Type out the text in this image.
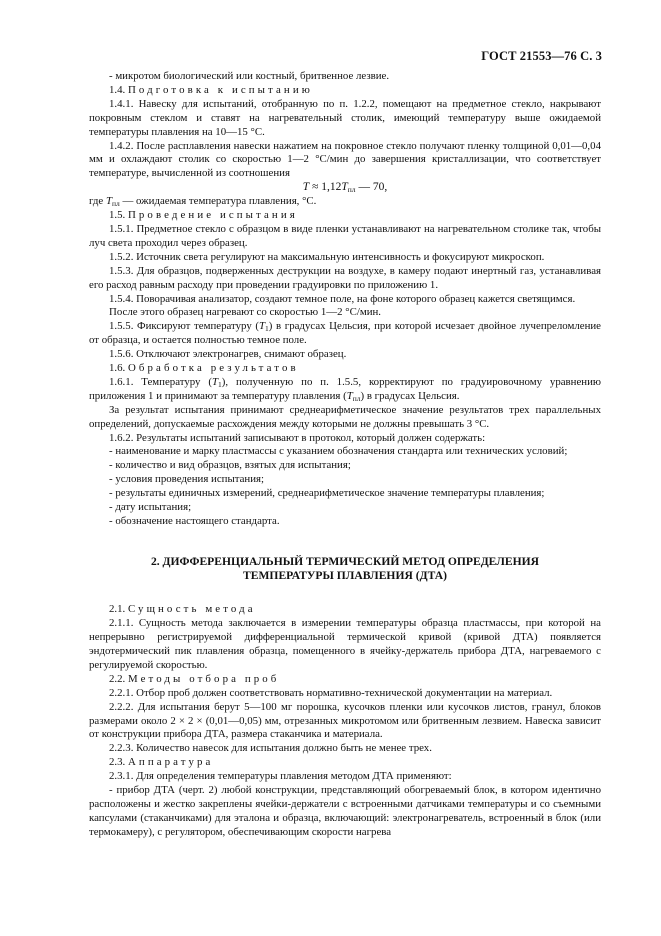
ГОСТ 21553—76 С. 3

- микротом биологический или костный, бритвенное лезвие.

1.4. Подготовка к испытанию

1.4.1. Навеску для испытаний, отобранную по п. 1.2.2, помещают на предметное стекло, накрывают покровным стеклом и ставят на нагревательный столик, имеющий температуру выше ожидаемой температуры плавления на 10—15 °С.

1.4.2. После расплавления навески нажатием на покровное стекло получают пленку толщиной 0,01—0,04 мм и охлаждают столик со скоростью 1—2 °С/мин до завершения кристаллизации, что соответствует температуре, вычисленной из соотношения

$T \approx 1,12T_{пл}$ — 70,

где $T_{пл}$ — ожидаемая температура плавления, °С.

1.5. Проведение испытания

1.5.1. Предметное стекло с образцом в виде пленки устанавливают на нагревательном столике так, чтобы луч света проходил через образец.

1.5.2. Источник света регулируют на максимальную интенсивность и фокусируют микроскоп.

1.5.3. Для образцов, подверженных деструкции на воздухе, в камеру подают инертный газ, устанавливая его расход равным расходу при проведении градуировки по приложению 1.

1.5.4. Поворачивая анализатор, создают темное поле, на фоне которого образец кажется светящимся.

После этого образец нагревают со скоростью 1—2 °С/мин.

1.5.5. Фиксируют температуру $(T_1)$ в градусах Цельсия, при которой исчезает двойное лучепреломление от образца, и остается полностью темное поле.

1.5.6. Отключают электронагрев, снимают образец.

1.6. Обработка результатов

1.6.1. Температуру $(T_1)$, полученную по п. 1.5.5, корректируют по градуировочному уравнению приложения 1 и принимают за температуру плавления $(T_{пл})$ в градусах Цельсия.

За результат испытания принимают среднеарифметическое значение результатов трех параллельных определений, допускаемые расхождения между которыми не должны превышать 3 °С.

1.6.2. Результаты испытаний записывают в протокол, который должен содержать:

- наименование и марку пластмассы с указанием обозначения стандарта или технических условий;

- количество и вид образцов, взятых для испытания;

- условия проведения испытания;

- результаты единичных измерений, среднеарифметическое значение температуры плавления;

- дату испытания;

- обозначение настоящего стандарта.

2. ДИФФЕРЕНЦИАЛЬНЫЙ ТЕРМИЧЕСКИЙ МЕТОД ОПРЕДЕЛЕНИЯ

ТЕМПЕРАТУРЫ ПЛАВЛЕНИЯ (ДТА)

2.1. Сущность метода

2.1.1. Сущность метода заключается в измерении температуры образца пластмассы, при которой на непрерывно регистрируемой дифференциальной термической кривой (кривой ДТА) появляется эндотермический пик плавления образца, помещенного в ячейку-держатель прибора ДТА, нагреваемого с регулируемой скоростью.

2.2. Методы отбора проб

2.2.1. Отбор проб должен соответствовать нормативно-технической документации на материал.

2.2.2. Для испытания берут 5—100 мг порошка, кусочков пленки или кусочков листов, гранул, блоков размерами около 2 × 2 × (0,01—0,05) мм, отрезанных микротомом или бритвенным лезвием. Навеска зависит от конструкции прибора ДТА, размера стаканчика и материала.

2.2.3. Количество навесок для испытания должно быть не менее трех.

2.3. Аппаратура

2.3.1. Для определения температуры плавления методом ДТА применяют:

- прибор ДТА (черт. 2) любой конструкции, представляющий обогреваемый блок, в котором идентично расположены и жестко закреплены ячейки-держатели с встроенными датчиками температуры и со съемными капсулами (стаканчиками) для эталона и образца, включающий: электронагреватель, встроенный в блок (или термокамеру), с регулятором, обеспечивающим скорости нагрева
